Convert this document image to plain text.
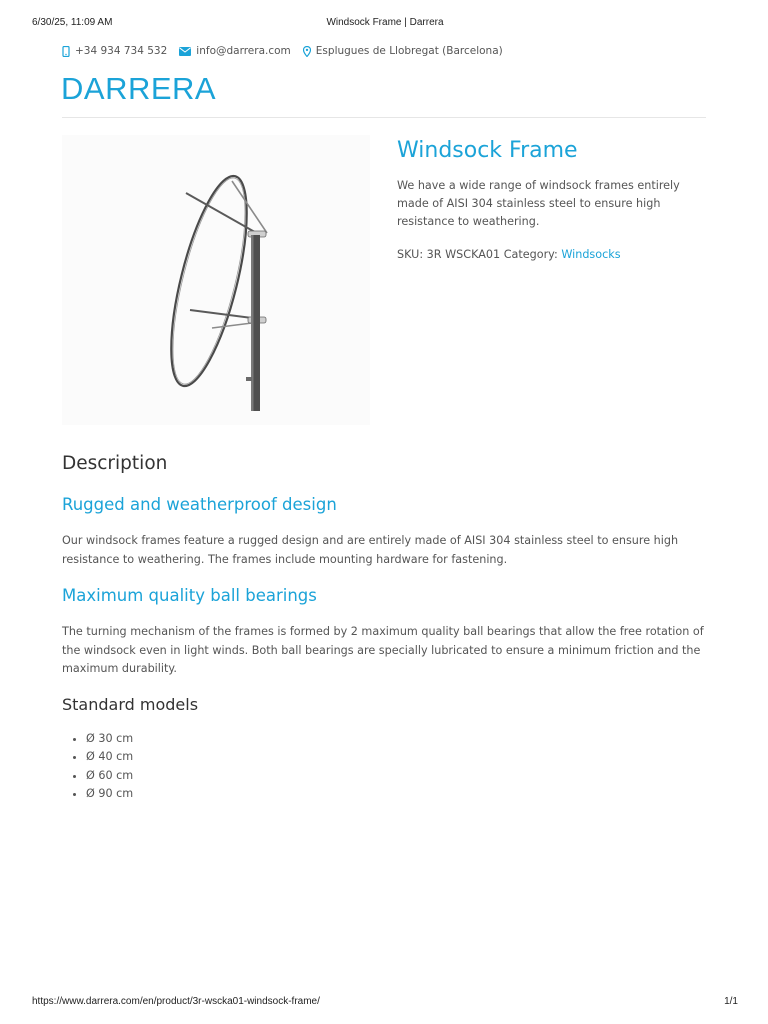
6/30/25, 11:09 AM	Windsock Frame | Darrera
+34 934 734 532	info@darrera.com Esplugues de Llobregat (Barcelona)
DARRERA
Windsock Frame

We have a wide range of windsock frames entirely made of AISI 304 stainless steel to ensure high resistance to weathering.

SKU: 3R WSCKA01 Category: Windsocks
Description
Rugged and weatherproof design

Our windsock frames feature a rugged design and are entirely made of AISI 304 stainless steel to ensure high resistance to weathering. The frames include mounting hardware for fastening.

Maximum quality ball bearings

The turning mechanism of the frames is formed by 2 maximum quality ball bearings that allow the free rotation of the windsock even in light winds. Both ball bearings are specially lubricated to ensure a minimum friction and the maximum durability.

Standard models
• Ø 30 cm
• Ø 40 cm
• Ø 60 cm
• Ø 90 cm
https://www.darrera.com/en/product/3r-wscka01-windsock-frame/	1/1
